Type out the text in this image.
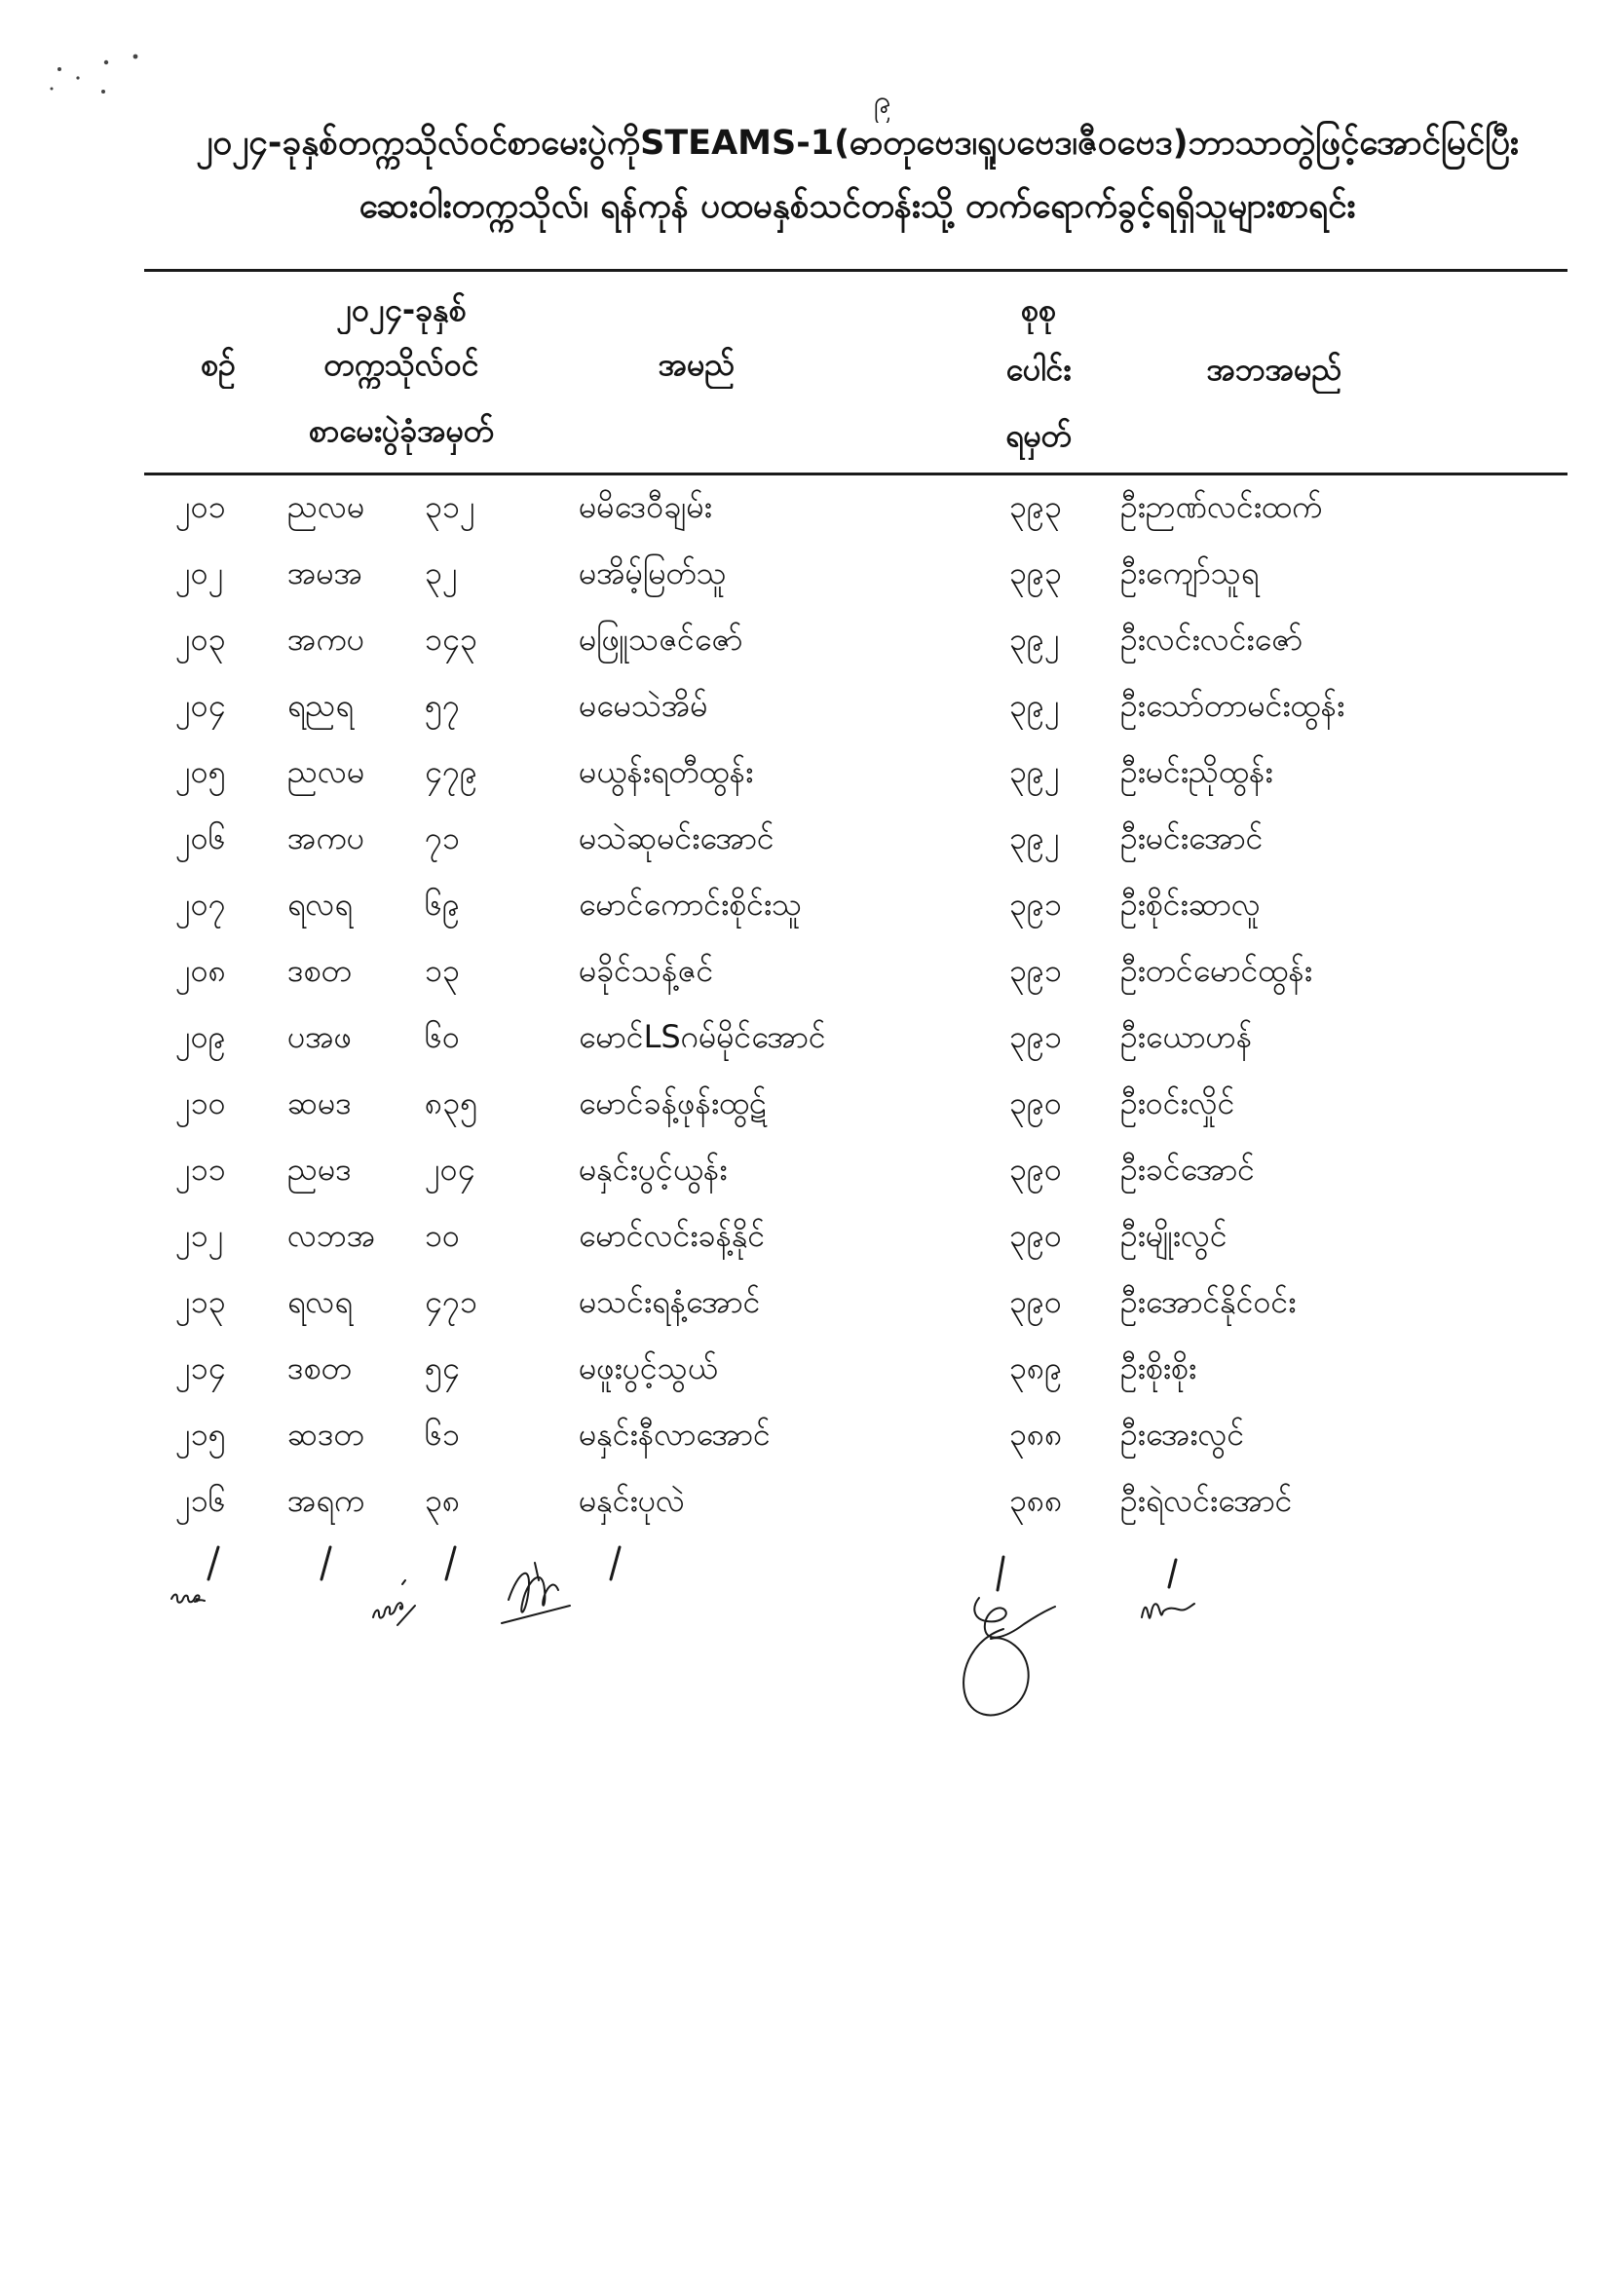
၉
၂၀၂၄-ခုနှစ်တက္ကသိုလ်ဝင်စာမေးပွဲကိုSTEAMS-1(ဓာတုဗေဒ၊ရူပဗေဒ၊ဇီဝဗေဒ)ဘာသာတွဲဖြင့်အောင်မြင်ပြီး
ဆေးဝါးတက္ကသိုလ်၊ ရန်ကုန် ပထမနှစ်သင်တန်းသို့ တက်ရောက်ခွင့်ရရှိသူများစာရင်း
စဉ်
၂၀၂၄-ခုနှစ်
တက္ကသိုလ်ဝင်
စာမေးပွဲခုံအမှတ်
အမည်
စုစု
ပေါင်း
ရမှတ်
အဘအမည်
၂၀၁	ညလမ	၃၁၂	မမိဒေဝီချမ်း	၃၉၃	ဦးဉာဏ်လင်းထက်
၂၀၂	အမအ	၃၂	မအိမ့်မြတ်သူ	၃၉၃	ဦးကျော်သူရ
၂၀၃	အကပ	၁၄၃	မဖြူသဇင်ဇော်	၃၉၂	ဦးလင်းလင်းဇော်
၂၀၄	ရညရ	၅၇	မမေသဲအိမ်	၃၉၂	ဦးသော်တာမင်းထွန်း
၂၀၅	ညလမ	၄၇၉	မယွန်းရတီထွန်း	၃၉၂	ဦးမင်းညိုထွန်း
၂၀၆	အကပ	၇၁	မသဲဆုမင်းအောင်	၃၉၂	ဦးမင်းအောင်
၂၀၇	ရလရ	၆၉	မောင်ကောင်းစိုင်းသူ	၃၉၁	ဦးစိုင်းဆာလူ
၂၀၈	ဒစတ	၁၃	မခိုင်သန့်ဇင်	၃၉၁	ဦးတင်မောင်ထွန်း
၂၀၉	ပအဖ	၆၀	မောင်LSဂမ်မိုင်အောင်	၃၉၁	ဦးယောဟန်
၂၁၀	ဆမဒ	၈၃၅	မောင်ခန့်ဖုန်းထွဋ်	၃၉၀	ဦးဝင်းလှိုင်
၂၁၁	ညမဒ	၂၀၄	မနှင်းပွင့်ယွန်း	၃၉၀	ဦးခင်အောင်
၂၁၂	လဘအ	၁၀	မောင်လင်းခန့်နိုင်	၃၉၀	ဦးမျိုးလွင်
၂၁၃	ရလရ	၄၇၁	မသင်းရနံ့အောင်	၃၉၀	ဦးအောင်နိုင်ဝင်း
၂၁၄	ဒစတ	၅၄	မဖူးပွင့်သွယ်	၃၈၉	ဦးစိုးစိုး
၂၁၅	ဆဒတ	၆၁	မနှင်းနီလာအောင်	၃၈၈	ဦးအေးလွင်
၂၁၆	အရက	၃၈	မနှင်းပုလဲ	၃၈၈	ဦးရဲလင်းအောင်
